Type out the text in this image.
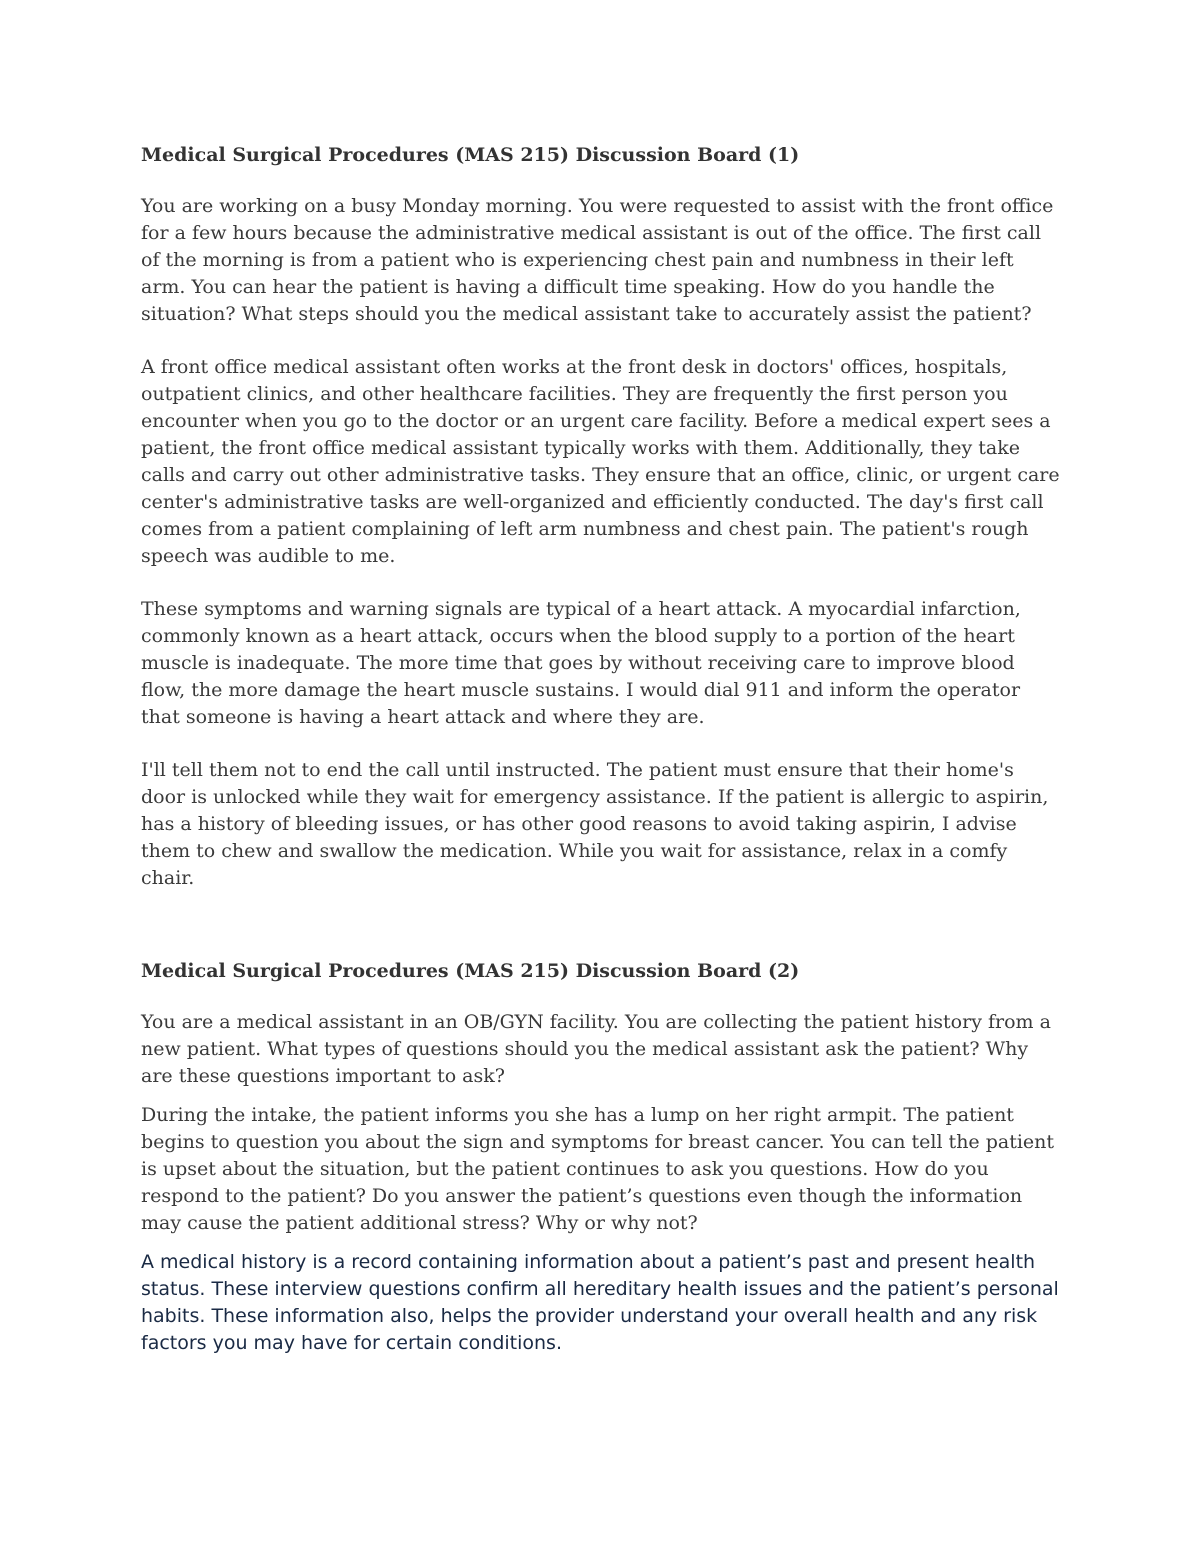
Medical Surgical Procedures (MAS 215) Discussion Board (1)

You are working on a busy Monday morning. You were requested to assist with the front office for a few hours because the administrative medical assistant is out of the office. The first call of the morning is from a patient who is experiencing chest pain and numbness in their left arm. You can hear the patient is having a difficult time speaking. How do you handle the situation? What steps should you the medical assistant take to accurately assist the patient?

A front office medical assistant often works at the front desk in doctors' offices, hospitals, outpatient clinics, and other healthcare facilities. They are frequently the first person you encounter when you go to the doctor or an urgent care facility. Before a medical expert sees a patient, the front office medical assistant typically works with them. Additionally, they take calls and carry out other administrative tasks. They ensure that an office, clinic, or urgent care center's administrative tasks are well-organized and efficiently conducted. The day's first call comes from a patient complaining of left arm numbness and chest pain. The patient's rough speech was audible to me.

These symptoms and warning signals are typical of a heart attack. A myocardial infarction, commonly known as a heart attack, occurs when the blood supply to a portion of the heart muscle is inadequate. The more time that goes by without receiving care to improve blood flow, the more damage the heart muscle sustains. I would dial 911 and inform the operator that someone is having a heart attack and where they are.

I'll tell them not to end the call until instructed. The patient must ensure that their home's door is unlocked while they wait for emergency assistance. If the patient is allergic to aspirin, has a history of bleeding issues, or has other good reasons to avoid taking aspirin, I advise them to chew and swallow the medication. While you wait for assistance, relax in a comfy chair.

Medical Surgical Procedures (MAS 215) Discussion Board (2)

You are a medical assistant in an OB/GYN facility. You are collecting the patient history from a new patient. What types of questions should you the medical assistant ask the patient? Why are these questions important to ask?

During the intake, the patient informs you she has a lump on her right armpit. The patient begins to question you about the sign and symptoms for breast cancer. You can tell the patient is upset about the situation, but the patient continues to ask you questions. How do you respond to the patient? Do you answer the patient’s questions even though the information may cause the patient additional stress? Why or why not?

A medical history is a record containing information about a patient’s past and present health status. These interview questions confirm all hereditary health issues and the patient’s personal habits. These information also, helps the provider understand your overall health and any risk factors you may have for certain conditions.
